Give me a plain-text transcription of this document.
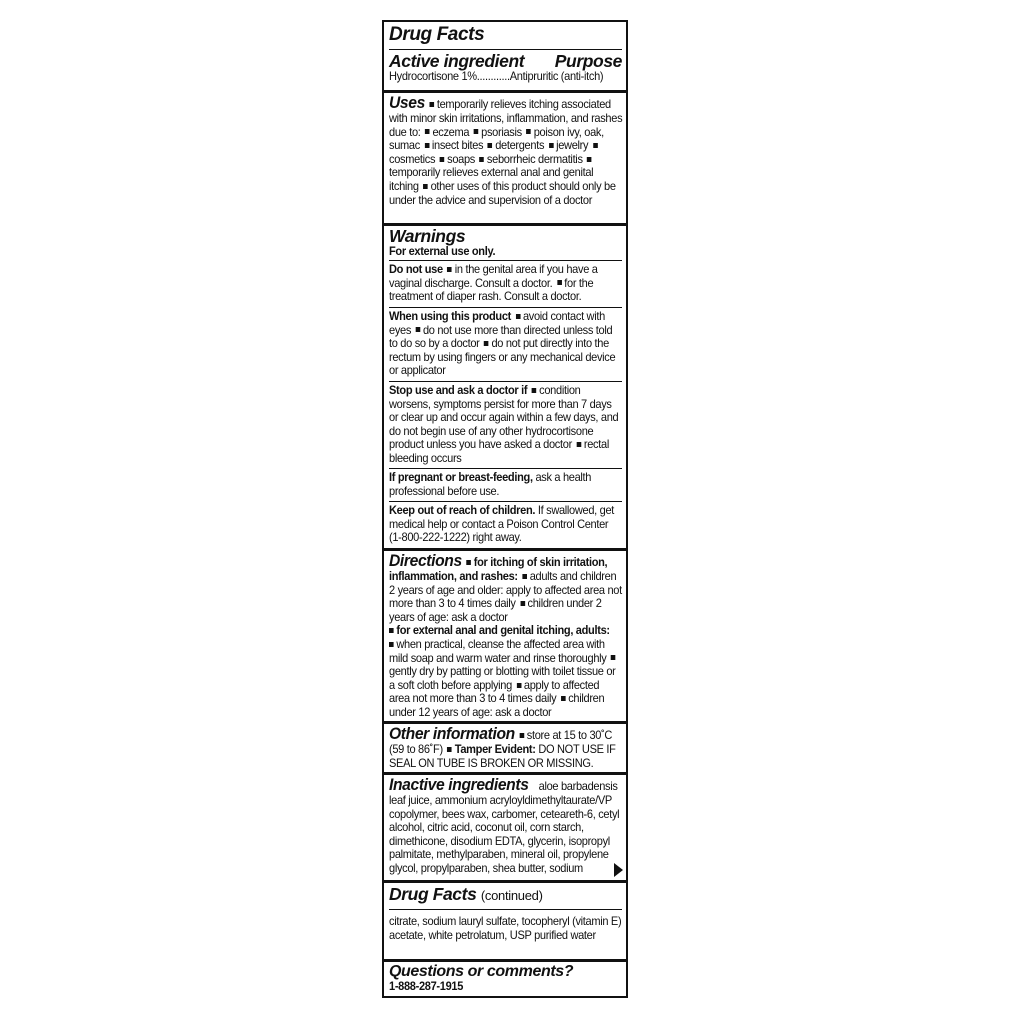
Drug Facts
Active ingredient Purpose
Hydrocortisone 1%............Antipruritic (anti-itch)
Uses temporarily relieves itching associated with minor skin irritations, inflammation, and rashes due to: eczema psoriasis poison ivy, oak, sumac insect bites detergents jewelry cosmetics soaps seborrheic dermatitis temporarily relieves external anal and genital itching other uses of this product should only be under the advice and supervision of a doctor
Warnings
For external use only.
Do not use in the genital area if you have a vaginal discharge. Consult a doctor. for the treatment of diaper rash. Consult a doctor.
When using this product avoid contact with eyes do not use more than directed unless told to do so by a doctor do not put directly into the rectum by using fingers or any mechanical device or applicator
Stop use and ask a doctor if condition worsens, symptoms persist for more than 7 days or clear up and occur again within a few days, and do not begin use of any other hydrocortisone product unless you have asked a doctor rectal bleeding occurs
If pregnant or breast-feeding, ask a health professional before use.
Keep out of reach of children. If swallowed, get medical help or contact a Poison Control Center (1-800-222-1222) right away.
Directions for itching of skin irritation, inflammation, and rashes: adults and children 2 years of age and older: apply to affected area not more than 3 to 4 times daily children under 2 years of age: ask a doctor
for external anal and genital itching, adults:
when practical, cleanse the affected area with mild soap and warm water and rinse thoroughly gently dry by patting or blotting with toilet tissue or a soft cloth before applying apply to affected area not more than 3 to 4 times daily children under 12 years of age: ask a doctor
Other information store at 15 to 30˚C (59 to 86˚F) Tamper Evident: DO NOT USE IF SEAL ON TUBE IS BROKEN OR MISSING.
Inactive ingredients aloe barbadensis leaf juice, ammonium acryloyldimethyltaurate/VP copolymer, bees wax, carbomer, ceteareth-6, cetyl alcohol, citric acid, coconut oil, corn starch, dimethicone, disodium EDTA, glycerin, isopropyl palmitate, methylparaben, mineral oil, propylene glycol, propylparaben, shea butter, sodium
Drug Facts (continued)
citrate, sodium lauryl sulfate, tocopheryl (vitamin E) acetate, white petrolatum, USP purified water
Questions or comments?
1-888-287-1915
